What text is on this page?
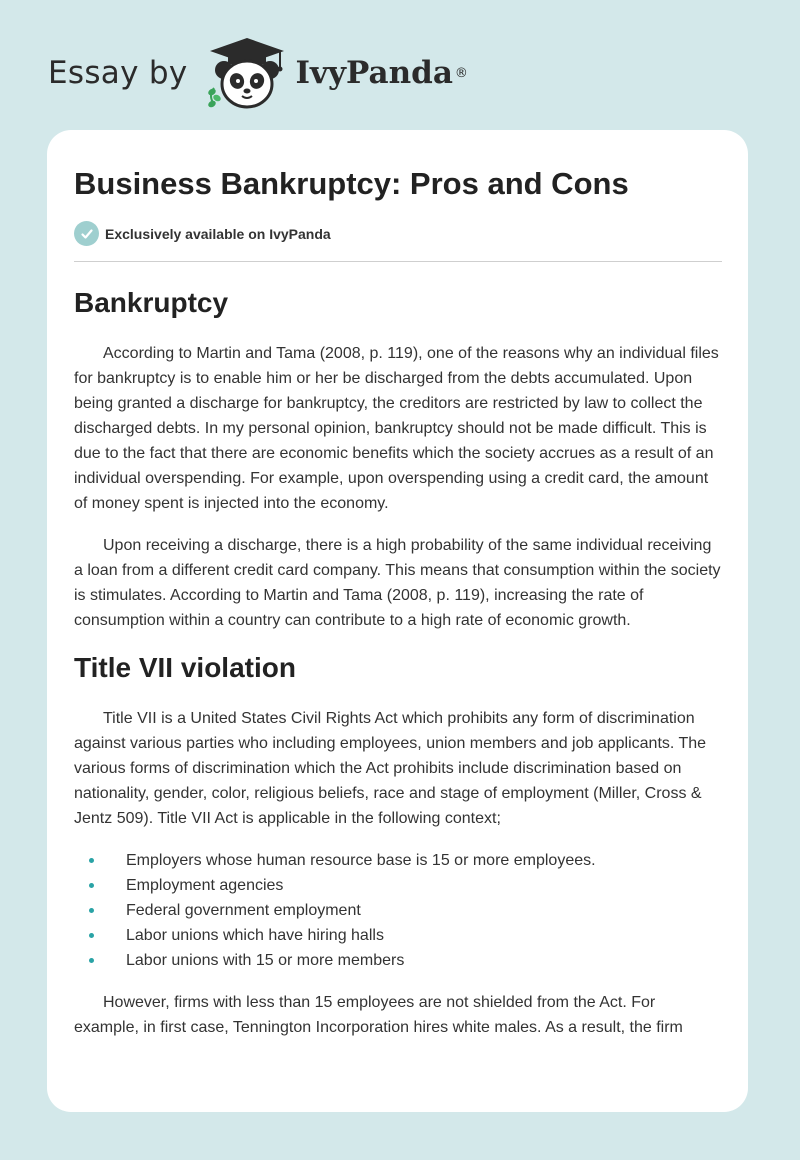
Essay by	IvyPanda ®
Business Bankruptcy: Pros and Cons
Exclusively available on IvyPanda
Bankruptcy

According to Martin and Tama (2008, p. 119), one of the reasons why an individual files for bankruptcy is to enable him or her be discharged from the debts accumulated. Upon being granted a discharge for bankruptcy, the creditors are restricted by law to collect the discharged debts. In my personal opinion, bankruptcy should not be made difficult. This is due to the fact that there are economic benefits which the society accrues as a result of an individual overspending. For example, upon overspending using a credit card, the amount of money spent is injected into the economy.

Upon receiving a discharge, there is a high probability of the same individual receiving a loan from a different credit card company. This means that consumption within the society is stimulates. According to Martin and Tama (2008, p. 119), increasing the rate of consumption within a country can contribute to a high rate of economic growth.

Title VII violation

Title VII is a United States Civil Rights Act which prohibits any form of discrimination against various parties who including employees, union members and job applicants. The various forms of discrimination which the Act prohibits include discrimination based on nationality, gender, color, religious beliefs, race and stage of employment (Miller, Cross & Jentz 509). Title VII Act is applicable in the following context;

Employers whose human resource base is 15 or more employees.
Employment agencies
Federal government employment
Labor unions which have hiring halls
Labor unions with 15 or more members

However, firms with less than 15 employees are not shielded from the Act. For example, in first case, Tennington Incorporation hires white males. As a result, the firm
